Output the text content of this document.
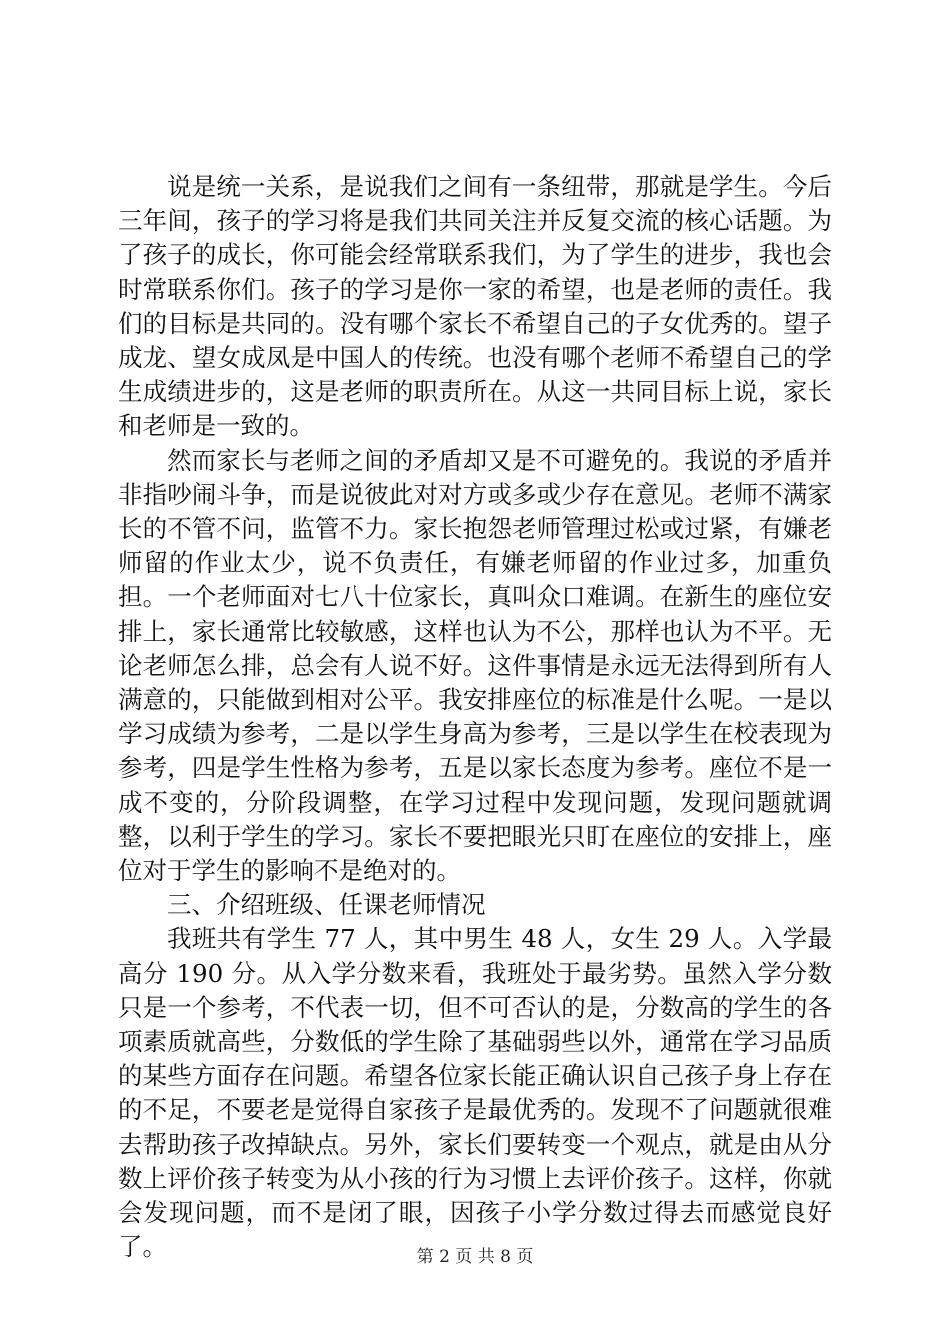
说是统一关系，是说我们之间有一条纽带，那就是学生。今后三年间，孩子的学习将是我们共同关注并反复交流的核心话题。为了孩子的成长，你可能会经常联系我们，为了学生的进步，我也会时常联系你们。孩子的学习是你一家的希望，也是老师的责任。我们的目标是共同的。没有哪个家长不希望自己的子女优秀的。望子成龙、望女成凤是中国人的传统。也没有哪个老师不希望自己的学生成绩进步的，这是老师的职责所在。从这一共同目标上说，家长和老师是一致的。

然而家长与老师之间的矛盾却又是不可避免的。我说的矛盾并非指吵闹斗争，而是说彼此对对方或多或少存在意见。老师不满家长的不管不问，监管不力。家长抱怨老师管理过松或过紧，有嫌老师留的作业太少，说不负责任，有嫌老师留的作业过多，加重负担。一个老师面对七八十位家长，真叫众口难调。在新生的座位安排上，家长通常比较敏感，这样也认为不公，那样也认为不平。无论老师怎么排，总会有人说不好。这件事情是永远无法得到所有人满意的，只能做到相对公平。我安排座位的标准是什么呢。一是以学习成绩为参考，二是以学生身高为参考，三是以学生在校表现为参考，四是学生性格为参考，五是以家长态度为参考。座位不是一成不变的，分阶段调整，在学习过程中发现问题，发现问题就调整，以利于学生的学习。家长不要把眼光只盯在座位的安排上，座位对于学生的影响不是绝对的。

三、介绍班级、任课老师情况

我班共有学生 77 人，其中男生 48 人，女生 29 人。入学最高分 190 分。从入学分数来看，我班处于最劣势。虽然入学分数只是一个参考，不代表一切，但不可否认的是，分数高的学生的各项素质就高些，分数低的学生除了基础弱些以外，通常在学习品质的某些方面存在问题。希望各位家长能正确认识自己孩子身上存在的不足，不要老是觉得自家孩子是最优秀的。发现不了问题就很难去帮助孩子改掉缺点。另外，家长们要转变一个观点，就是由从分数上评价孩子转变为从小孩的行为习惯上去评价孩子。这样，你就会发现问题，而不是闭了眼，因孩子小学分数过得去而感觉良好了。	第 2 页 共 8 页
